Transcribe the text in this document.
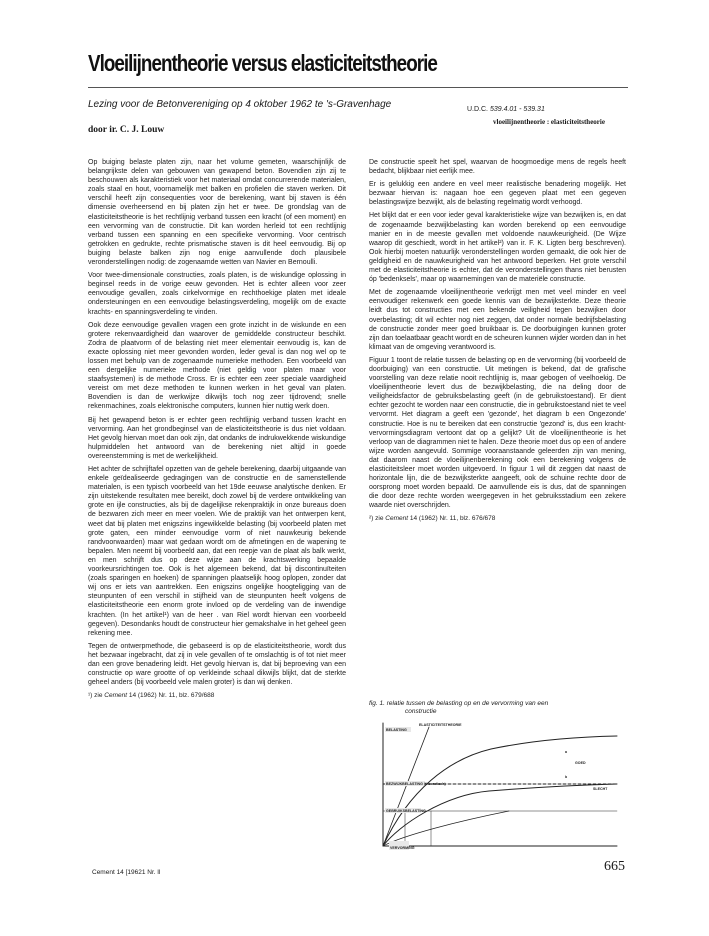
Vloeilijnentheorie versus elasticiteitstheorie
Lezing voor de Betonvereniging op 4 oktober 1962 te 's-Gravenhage	U.D.C. 539.4.01 - 539.31
vloeilijnentheorie : elasticiteitstheorie
door ir. C. J. Louw

Op buiging belaste platen zijn, naar het volume gemeten, waarschijnlijk de belangrijkste delen van gebouwen van gewapend beton. Bovendien zijn zij te beschouwen als karakteristiek voor het materiaal omdat concurrerende materialen, zoals staal en hout, voornamelijk met balken en profielen die staven werken. Dit verschil heeft zijn consequenties voor de berekening, want bij staven is één dimensie overheersend en bij platen zijn het er twee. De grondslag van de elasticiteitstheorie is het rechtlijnig verband tussen een kracht (of een moment) en een vervorming van de constructie. Dit kan worden herleid tot een rechtlijnig verband tussen een spanning en een specifieke vervorming. Voor centrisch getrokken en gedrukte, rechte prismatische staven is dit heel eenvoudig. Bij op buiging belaste balken zijn nog enige aanvullende doch plausibele veronderstellingen nodig: de zogenaamde wetten van Navier en Bernoulli.

Voor twee-dimensionale constructies, zoals platen, is de wiskundige oplossing in beginsel reeds in de vorige eeuw gevonden. Het is echter alleen voor zeer eenvoudige gevallen, zoals cirkelvormige en rechthoekige platen met ideale ondersteuningen en een eenvoudige belastingsverdeling, mogelijk om de exacte krachts- en spanningsverdeling te vinden.

Ook deze eenvoudige gevallen vragen een grote inzicht in de wiskunde en een grotere rekenvaardigheid dan waarover de gemiddelde constructeur beschikt. Zodra de plaatvorm of de belasting niet meer elementair eenvoudig is, kan de exacte oplossing niet meer gevonden worden, leder geval is dan nog wel op te lossen met behulp van de zogenaamde numerieke methoden. Een voorbeeld van een dergelijke numerieke methode (niet geldig voor platen maar voor staafsystemen) is de methode Cross. Er is echter een zeer speciale vaardigheid vereist om met deze methoden te kunnen werken in het geval van platen. Bovendien is dan de werkwijze dikwijls toch nog zeer tijdrovend; snelle rekenmachines, zoals elektronische computers, kunnen hier nuttig werk doen.

Bij het gewapend beton is er echter geen rechtlijnig verband tussen kracht en vervorming. Aan het grondbeginsel van de elasticiteitstheorie is dus niet voldaan. Het gevolg hiervan moet dan ook zijn, dat ondanks de indrukwekkende wiskundige hulpmiddelen het antwoord van de berekening niet altijd in goede overeenstemming is met de werkelijkheid.

Het achter de schrijftafel opzetten van de gehele berekening, daarbij uitgaande van enkele geïdealiseerde gedragingen van de constructie en de samenstellende materialen, is een typisch voorbeeld van het 19de eeuwse analytische denken. Er zijn uitstekende resultaten mee bereikt, doch zowel bij de verdere ontwikkeling van grote en ijle constructies, als bij de dagelijkse rekenpraktijk in onze bureaus doen de bezwaren zich meer en meer voelen. Wie de praktijk van het ontwerpen kent, weet dat bij platen met enigszins ingewikkelde belasting (bij voorbeeld platen met grote gaten, een minder eenvoudige vorm of niet nauwkeurig bekende randvoorwaarden) maar wat gedaan wordt om de afmetingen en de wapening te bepalen. Men neemt bij voorbeeld aan, dat een reepje van de plaat als balk werkt, en men schrijft dus op deze wijze aan de krachtswerking bepaalde voorkeursrichtingen toe. Ook is het algemeen bekend, dat bij discontinuïteiten (zoals sparingen en hoeken) de spanningen plaatselijk hoog oplopen, zonder dat wij ons er iets van aantrekken. Een enigszins ongelijke hoogteligging van de steunpunten of een verschil in stijfheid van de steunpunten heeft volgens de elasticiteitstheorie een enorm grote invloed op de verdeling van de inwendige krachten. (In het artikel¹) van de heer . van Riel wordt hiervan een voorbeeld gegeven). Desondanks houdt de constructeur hier gemakshalve in het geheel geen rekening mee.

Tegen de ontwerpmethode, die gebaseerd is op de elasticiteitstheorie, wordt dus het bezwaar ingebracht, dat zij in vele gevallen of te omslachtig is of tot niet meer dan een grove benadering leidt. Het gevolg hiervan is, dat bij beproeving van een constructie op ware grootte of op verkleinde schaal dikwijls blijkt, dat de sterkte geheel anders (bij voorbeeld vele malen groter) is dan wij denken.

¹) zie Cement 14 (1962) Nr. 11, blz. 679/688

De constructie speelt het spel, waarvan de hoogmoedige mens de regels heeft bedacht, blijkbaar niet eerlijk mee.

Er is gelukkig een andere en veel meer realistische benadering mogelijk. Het bezwaar hiervan is: nagaan hoe een gegeven plaat met een gegeven belastingswijze bezwijkt, als de belasting regelmatig wordt verhoogd.

Het blijkt dat er een voor ieder geval karakteristieke wijze van bezwijken is, en dat de zogenaamde bezwijkbelasting kan worden berekend op een eenvoudige manier en in de meeste gevallen met voldoende nauwkeurigheid. (De Wijze waarop dit geschiedt, wordt in het artikel²) van ir. F. K. Ligten berg beschreven). Ook hierbij moeten natuurlijk veronderstellingen worden gemaakt, die ook hier de geldigheid en de nauwkeurigheid van het antwoord beperken. Het grote verschil met de elasticiteitstheorie is echter, dat de veronderstellingen thans niet berusten óp 'bedenksels', maar op waarnemingen van de materiële constructie.

Met de zogenaamde vloeilijnentheorie verkrijgt men met veel minder en veel eenvoudiger rekenwerk een goede kennis van de bezwijksterkte. Deze theorie leidt dus tot constructies met een bekende veiligheid tegen bezwijken door overbelasting; dit wil echter nog niet zeggen, dat onder normale bedrijfsbelasting de constructie zonder meer goed bruikbaar is. De doorbuigingen kunnen groter zijn dan toelaatbaar geacht wordt en de scheuren kunnen wijder worden dan in het klimaat van de omgeving verantwoord is.

Figuur 1 toont de relatie tussen de belasting op en de vervorming (bij voorbeeld de doorbuiging) van een constructie. Uit metingen is bekend, dat de grafische voorstelling van deze relatie nooit rechtlijnig is, maar gebogen of veelhoekig. De vloeilijnentheorie levert dus de bezwijkbelasting, die na deling door de veiligheidsfactor de gebruiksbelasting geeft (in de gebruikstoestand). Er dient echter gezocht te worden naar een constructie, die in gebruikstoestand niet te veel vervormt. Het diagram a geeft een 'gezonde', het diagram b een Ongezonde' constructie. Hoe is nu te bereiken dat een constructie 'gezond' is, dus een kracht-vervormingsdiagram vertoont dat op a gelijkt? Uit de vloeilijnentheorie is het verloop van de diagrammen niet te halen. Deze theorie moet dus op een of andere wijze worden aangevuld. Sommige vooraanstaande geleerden zijn van mening, dat daarom naast de vloeilijnenberekening ook een berekening volgens de elasticiteitsleer moet worden uitgevoerd. In figuur 1 wil dit zeggen dat naast de horizontale lijn, die de bezwijksterkte aangeeft, ook de schuine rechte door de oorsprong moet worden bepaald. De aanvullende eis is dus, dat de spanningen die door deze rechte worden weergegeven in het gebruiksstadium een zekere waarde niet overschrijden.

²) zie Cement 14 (1962) Nr. 11, blz. 676/678

fig. 1. relatie tussen de belasting op en de vervorming van een
constructie
BELASTING
ELASTICITEITSTHEORIE
BEZWIJKBELASTING (theoretisch)
GEBRUIKSBELASTING
GOED
SLECHT
a
b
VERVORMING
Cement 14 [19621 Nr. ll	665
